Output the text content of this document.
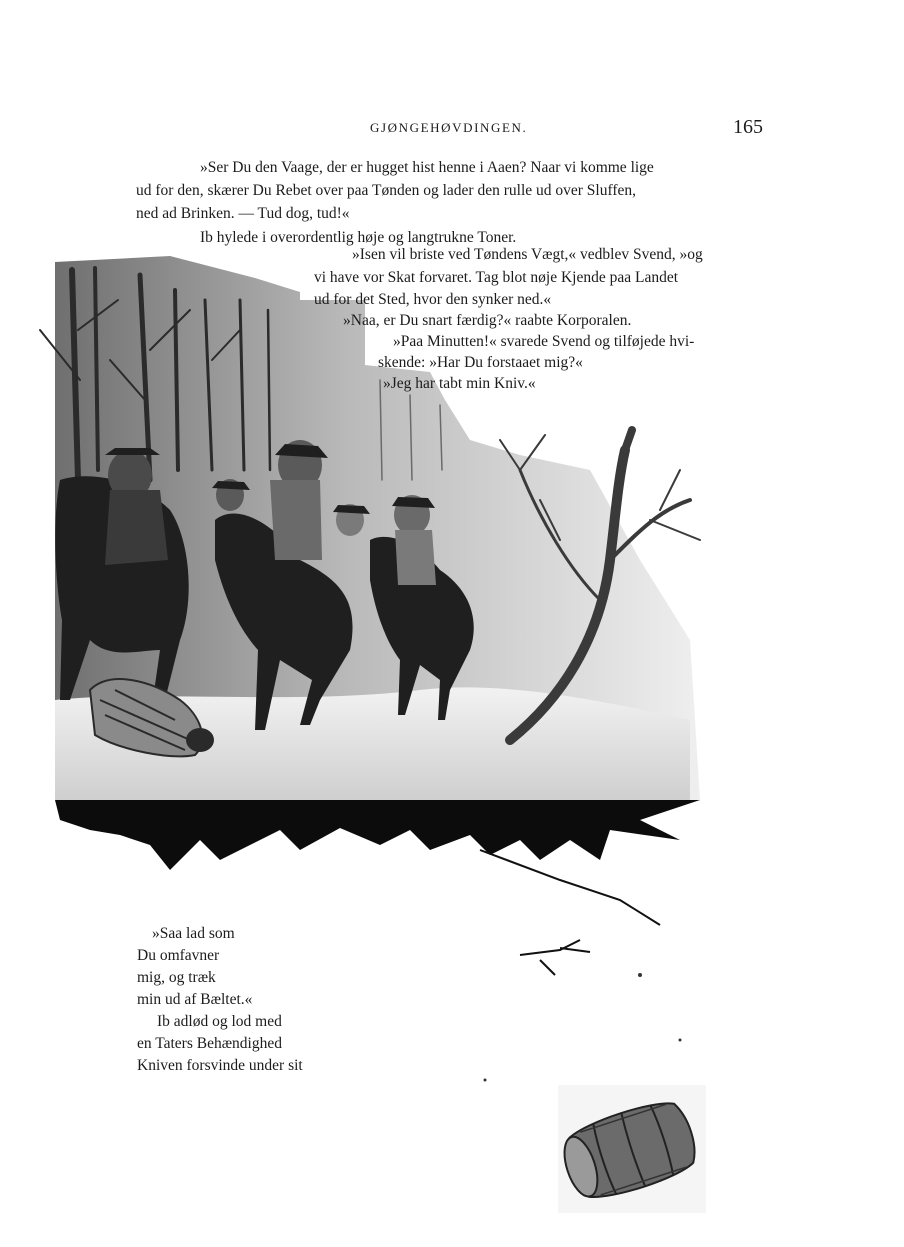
GJØNGEHØVDINGEN.	165
»Ser Du den Vaage, der er hugget hist henne i Aaen? Naar vi komme lige
ud for den, skærer Du Rebet over paa Tønden og lader den rulle ud over Sluffen,
ned ad Brinken. — Tud dog, tud!«
Ib hylede i overordentlig høje og langtrukne Toner.
»Isen vil briste ved Tøndens Vægt,« vedblev Svend, »og
vi have vor Skat forvaret. Tag blot nøje Kjende paa Landet
ud for det Sted, hvor den synker ned.«
»Naa, er Du snart færdig?« raabte Korporalen.
»Paa Minutten!« svarede Svend og tilføjede hvi-
skende: »Har Du forstaaet mig?«
»Jeg har tabt min Kniv.«
»Saa lad som
Du omfavner
mig, og træk
min ud af Bæltet.«
Ib adlød og lod med
en Taters Behændighed
Kniven forsvinde under sit
